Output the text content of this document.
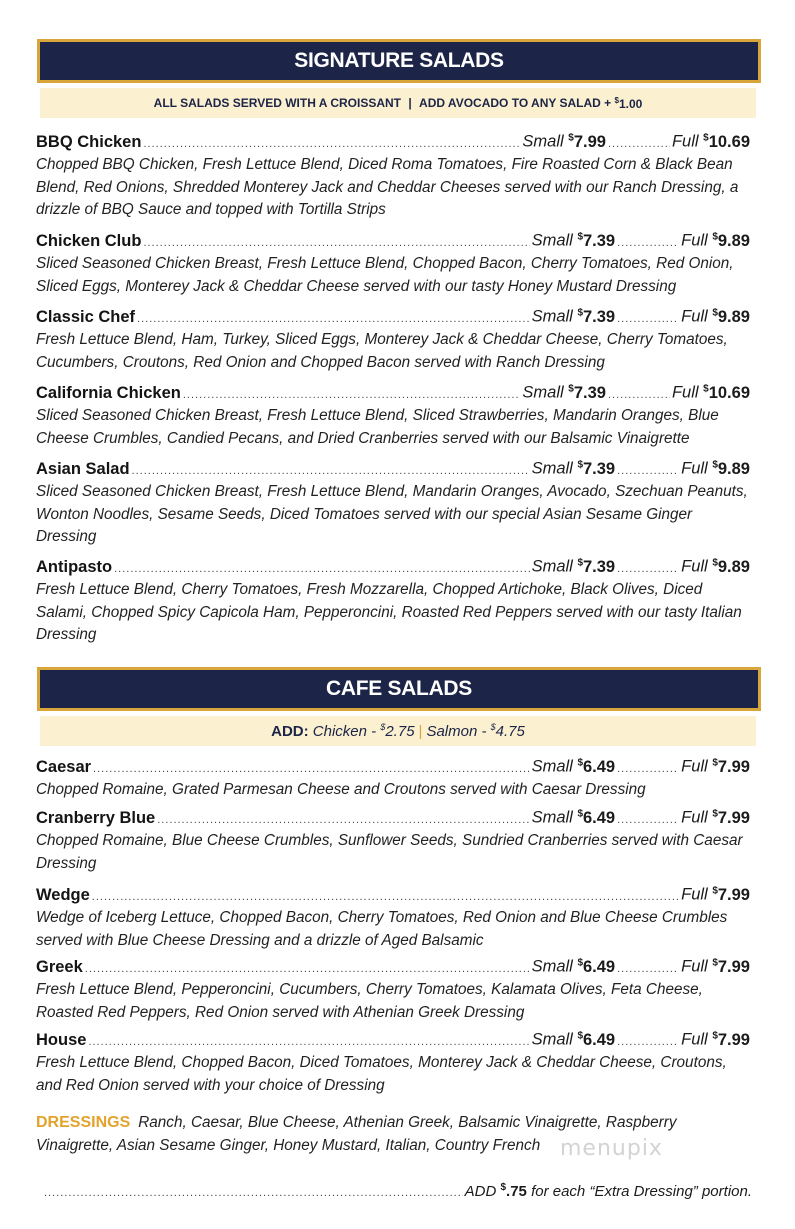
SIGNATURE SALADS
ALL SALADS SERVED WITH A CROISSANT | ADD AVOCADO TO ANY SALAD + $1.00
BBQ Chicken .....	Small $7.99 .....	Full $10.69
Chopped BBQ Chicken, Fresh Lettuce Blend, Diced Roma Tomatoes, Fire Roasted Corn & Black Bean Blend, Red Onions, Shredded Monterey Jack and Cheddar Cheeses served with our Ranch Dressing, a drizzle of BBQ Sauce and topped with Tortilla Strips
Chicken Club .....	Small $7.39 .....	Full $9.89
Sliced Seasoned Chicken Breast, Fresh Lettuce Blend, Chopped Bacon, Cherry Tomatoes, Red Onion, Sliced Eggs, Monterey Jack & Cheddar Cheese served with our tasty Honey Mustard Dressing
Classic Chef .....	Small $7.39 .....	Full $9.89
Fresh Lettuce Blend, Ham, Turkey, Sliced Eggs, Monterey Jack & Cheddar Cheese, Cherry Tomatoes, Cucumbers, Croutons, Red Onion and Chopped Bacon served with Ranch Dressing
California Chicken .....	Small $7.39 .....	Full $10.69
Sliced Seasoned Chicken Breast, Fresh Lettuce Blend, Sliced Strawberries, Mandarin Oranges, Blue Cheese Crumbles, Candied Pecans, and Dried Cranberries served with our Balsamic Vinaigrette
Asian Salad .....	Small $7.39 .....	Full $9.89
Sliced Seasoned Chicken Breast, Fresh Lettuce Blend, Mandarin Oranges, Avocado, Szechuan Peanuts, Wonton Noodles, Sesame Seeds, Diced Tomatoes served with our special Asian Sesame Ginger Dressing
Antipasto .....	Small $7.39 .....	Full $9.89
Fresh Lettuce Blend, Cherry Tomatoes, Fresh Mozzarella, Chopped Artichoke, Black Olives, Diced Salami, Chopped Spicy Capicola Ham, Pepperoncini, Roasted Red Peppers served with our tasty Italian Dressing
CAFE SALADS
ADD:
Chicken -
$2.75 | Salmon -
$4.75
Caesar .....	Small $6.49 .....	Full $7.99
Chopped Romaine, Grated Parmesan Cheese and Croutons served with Caesar Dressing
Cranberry Blue .....	Small $6.49 .....	Full $7.99
Chopped Romaine, Blue Cheese Crumbles, Sunflower Seeds, Sundried Cranberries served with Caesar Dressing
Wedge .....	Full $7.99
Wedge of Iceberg Lettuce, Chopped Bacon, Cherry Tomatoes, Red Onion and Blue Cheese Crumbles served with Blue Cheese Dressing and a drizzle of Aged Balsamic
Greek .....	Small $6.49 .....	Full $7.99
Fresh Lettuce Blend, Pepperoncini, Cucumbers, Cherry Tomatoes, Kalamata Olives, Feta Cheese, Roasted Red Peppers, Red Onion served with Athenian Greek Dressing
House .....	Small $6.49 .....	Full $7.99
Fresh Lettuce Blend, Chopped Bacon, Diced Tomatoes, Monterey Jack & Cheddar Cheese, Croutons, and Red Onion served with your choice of Dressing
DRESSINGS Ranch, Caesar, Blue Cheese, Athenian Greek, Balsamic Vinaigrette, Raspberry Vinaigrette, Asian Sesame Ginger, Honey Mustard, Italian, Country French menupix
.....
ADD
$.75
for each “Extra Dressing” portion.
